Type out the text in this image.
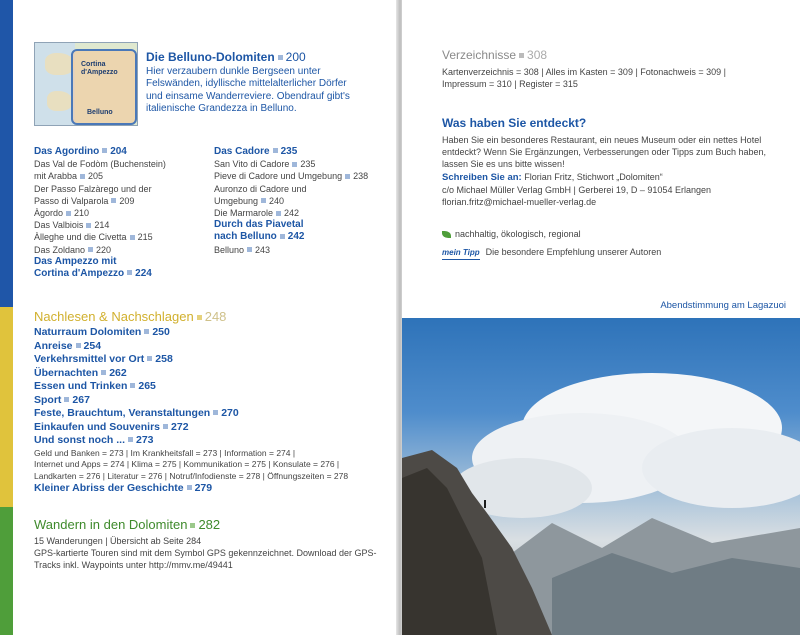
Cortina d'Ampezzo
Belluno
Die Belluno-Dolomiten 200
Hier verzaubern dunkle Bergseen unter
Felswänden, idyllische mittelalterlicher Dörfer
und einsame Wanderreviere. Obendrauf gibt's
italienische Grandezza in Belluno.
Das Agordino 204
Das Val de Fodòm (Buchenstein)
mit Arabba 205
Der Passo Falzàrego und der
Passo di Valparola 209
Àgordo 210
Das Valbiois 214
Àlleghe und die Civetta 215
Das Zoldano 220
Das Ampezzo mit
Cortina d'Ampezzo 224
Das Cadore 235
San Vito di Cadore 235
Pieve di Cadore und Umgebung 238
Auronzo di Cadore und
Umgebung 240
Die Marmarole 242
Durch das Piavetal
nach Belluno 242
Belluno 243
Nachlesen & Nachschlagen 248
Naturraum Dolomiten 250
Anreise 254
Verkehrsmittel vor Ort 258
Übernachten 262
Essen und Trinken 265
Sport 267
Feste, Brauchtum, Veranstaltungen 270
Einkaufen und Souvenirs 272
Und sonst noch ... 273
Geld und Banken = 273 | Im Krankheitsfall = 273 | Information = 274 |
Internet und Apps = 274 | Klima = 275 | Kommunikation = 275 | Konsulate = 276 |
Landkarten = 276 | Literatur = 276 | Notruf/Infodienste = 278 | Öffnungszeiten = 278
Kleiner Abriss der Geschichte 279
Wandern in den Dolomiten 282
15 Wanderungen | Übersicht ab Seite 284
GPS-kartierte Touren sind mit dem Symbol GPS gekennzeichnet. Download der GPS-
Tracks inkl. Waypoints unter http://mmv.me/49441
Verzeichnisse 308
Kartenverzeichnis = 308 | Alles im Kasten = 309 | Fotonachweis = 309 |
Impressum = 310 | Register = 315
Was haben Sie entdeckt?
Haben Sie ein besonderes Restaurant, ein neues Museum oder ein nettes Hotel
entdeckt? Wenn Sie Ergänzungen, Verbesserungen oder Tipps zum Buch haben,
lassen Sie es uns bitte wissen!
Schreiben Sie an: Florian Fritz, Stichwort „Dolomiten“
c/o Michael Müller Verlag GmbH | Gerberei 19, D – 91054 Erlangen
florian.fritz@michael-mueller-verlag.de
nachhaltig, ökologisch, regional
mein Tipp Die besondere Empfehlung unserer Autoren
Abendstimmung am Lagazuoi
